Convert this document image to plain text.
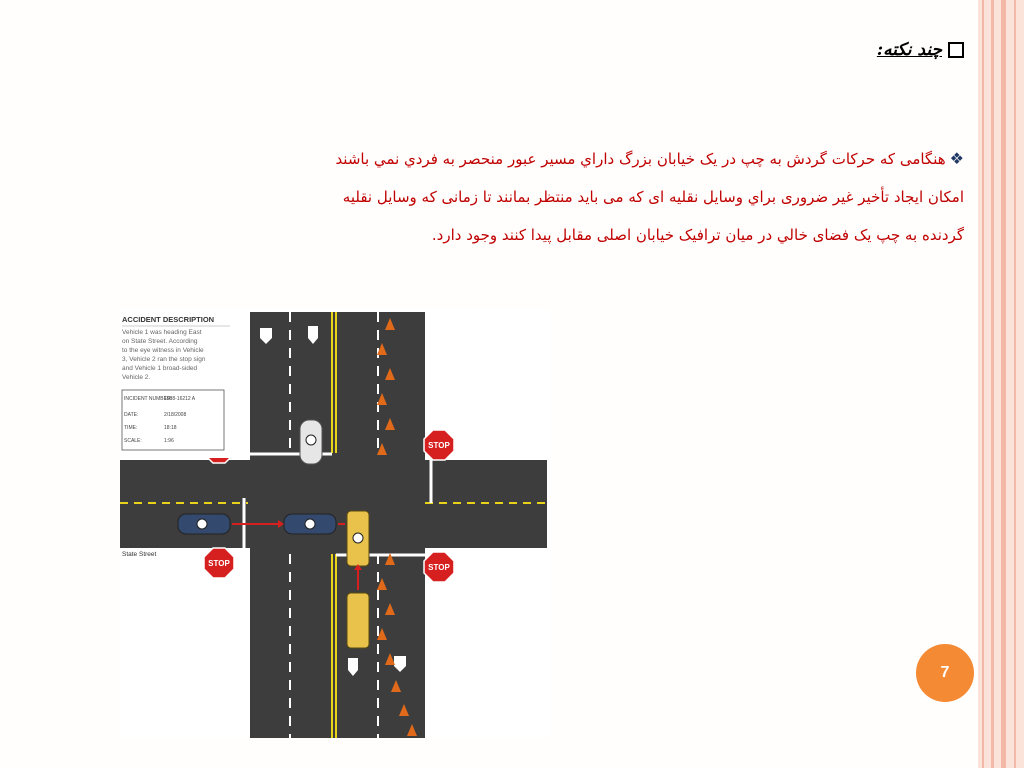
چند نکته:
❖هنگامی که حرکات گردش به چپ در یک خیابان بزرگ داراي مسیر عبور منحصر به فردي نمي باشند
امکان ایجاد تأخیر غیر ضروری براي وسایل نقلیه ای که می باید منتظر بمانند تا زمانی که وسایل نقلیه
گردنده به چپ یک فضای خالي در میان ترافیک خیابان اصلی مقابل پیدا کنند وجود دارد.
STOP
STOP	STOP
ACCIDENT DESCRIPTION
Vehicle 1 was heading East
on State Street. According
to the eye witness in Vehicle
3, Vehicle 2 ran the stop sign
and Vehicle 1 broad-sided
Vehicle 2.
INCIDENT NUMBER:
1988-16212 A
DATE:	2/18/2008
TIME:	18:18
SCALE:	1:96
State Street
7
